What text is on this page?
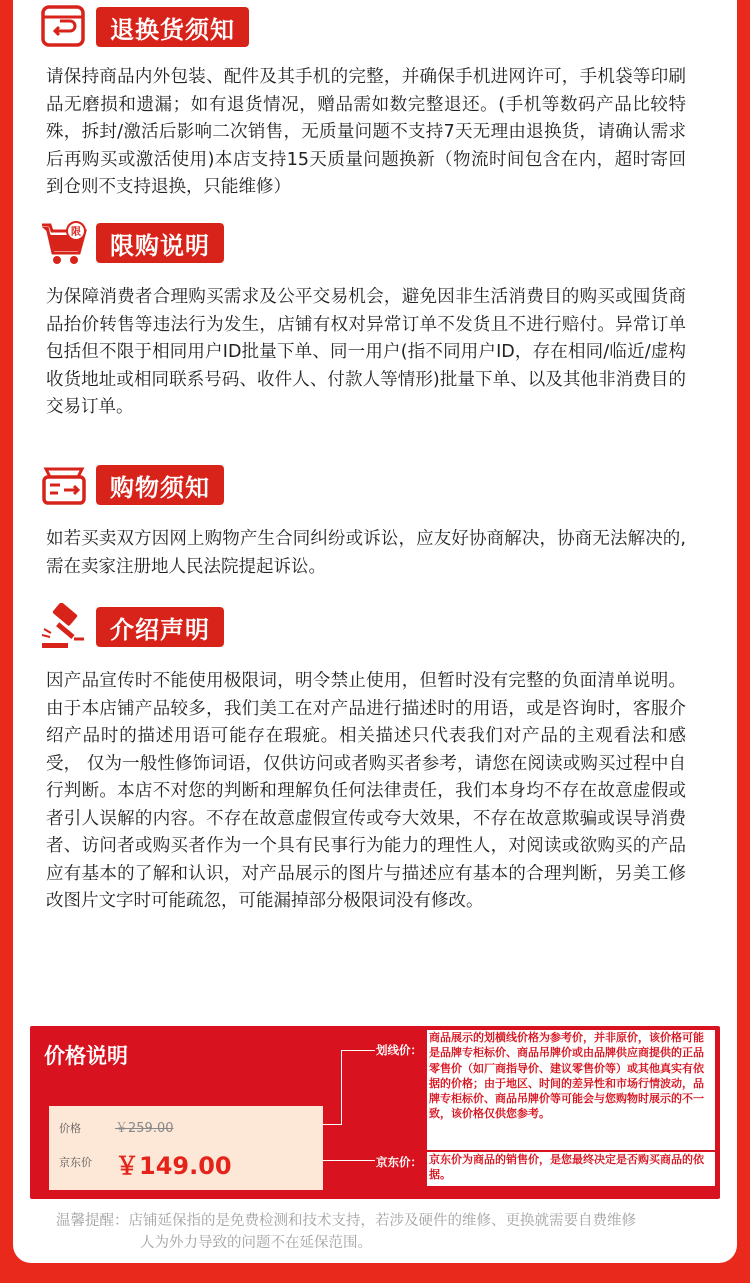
退换货须知
请保持商品内外包装、配件及其手机的完整，并确保手机进网许可，手机袋等印刷品无磨损和遗漏；如有退货情况，赠品需如数完整退还。(手机等数码产品比较特殊，拆封/激活后影响二次销售，无质量问题不支持7天无理由退换货，请确认需求后再购买或激活使用)本店支持15天质量问题换新（物流时间包含在内，超时寄回到仓则不支持退换，只能维修）
限	限购说明
为保障消费者合理购买需求及公平交易机会，避免因非生活消费目的购买或囤货商品抬价转售等违法行为发生，店铺有权对异常订单不发货且不进行赔付。异常订单包括但不限于相同用户ID批量下单、同一用户(指不同用户ID，存在相同/临近/虚构收货地址或相同联系号码、收件人、付款人等情形)批量下单、以及其他非消费目的交易订单。
购物须知
如若买卖双方因网上购物产生合同纠纷或诉讼，应友好协商解决，协商无法解决的,需在卖家注册地人民法院提起诉讼。
介绍声明
因产品宣传时不能使用极限词，明令禁止使用，但暂时没有完整的负面清单说明。由于本店铺产品较多，我们美工在对产品进行描述时的用语，或是咨询时，客服介绍产品时的描述用语可能存在瑕疵。相关描述只代表我们对产品的主观看法和感受， 仅为一般性修饰词语，仅供访问或者购买者参考，请您在阅读或购买过程中自行判断。本店不对您的判断和理解负任何法律责任，我们本身均不存在故意虚假或者引人误解的内容。不存在故意虚假宣传或夸大效果，不存在故意欺骗或误导消费者、访问者或购买者作为一个具有民事行为能力的理性人，对阅读或欲购买的产品应有基本的了解和认识，对产品展示的图片与描述应有基本的合理判断，另美工修改图片文字时可能疏忽，可能漏掉部分极限词没有修改。
价格说明
价格	￥259.00
京东价 ￥149.00
划线价：
京东价：
商品展示的划横线价格为参考价，并非原价，该价格可能是品牌专柜标价、商品吊牌价或由品牌供应商提供的正品零售价（如厂商指导价、建议零售价等）或其他真实有依据的价格；由于地区、时间的差异性和市场行情波动，品牌专柜标价、商品吊牌价等可能会与您购物时展示的不一致，该价格仅供您参考。
京东价为商品的销售价，是您最终决定是否购买商品的依据。
温馨提醒：店铺延保指的是免费检测和技术支持，若涉及硬件的维修、更换就需要自费维修
人为外力导致的问题不在延保范围。
